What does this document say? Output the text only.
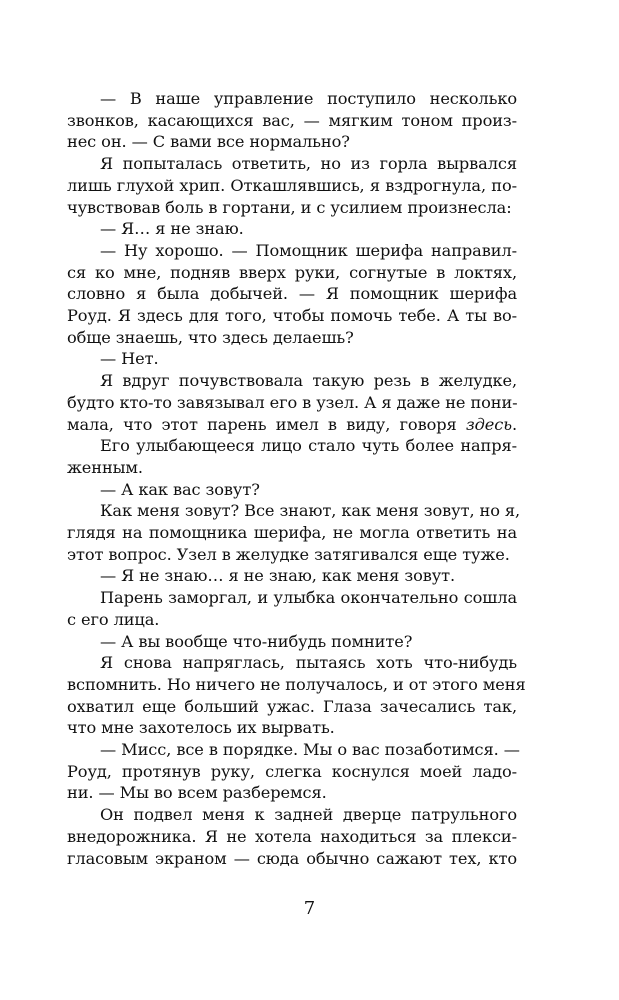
— В наше управление поступило несколько
звонков, касающихся вас, — мягким тоном произ-
нес он. — С вами все нормально?
Я попыталась ответить, но из горла вырвался
лишь глухой хрип. Откашлявшись, я вздрогнула, по-
чувствовав боль в гортани, и с усилием произнесла:
— Я… я не знаю.
— Ну хорошо. — Помощник шерифа направил-
ся ко мне, подняв вверх руки, согнутые в локтях,
словно я была добычей. — Я помощник шерифа
Роуд. Я здесь для того, чтобы помочь тебе. А ты во-
обще знаешь, что здесь делаешь?
— Нет.
Я вдруг почувствовала такую резь в желудке,
будто кто-то завязывал его в узел. А я даже не пони-
мала, что этот парень имел в виду, говоря здесь.
Его улыбающееся лицо стало чуть более напря-
женным.
— А как вас зовут?
Как меня зовут? Все знают, как меня зовут, но я,
глядя на помощника шерифа, не могла ответить на
этот вопрос. Узел в желудке затягивался еще туже.
— Я не знаю… я не знаю, как меня зовут.
Парень заморгал, и улыбка окончательно сошла
с его лица.
— А вы вообще что-нибудь помните?
Я снова напряглась, пытаясь хоть что-нибудь
вспомнить. Но ничего не получалось, и от этого меня
охватил еще больший ужас. Глаза зачесались так,
что мне захотелось их вырвать.
— Мисс, все в порядке. Мы о вас позаботимся. —
Роуд, протянув руку, слегка коснулся моей ладо-
ни. — Мы во всем разберемся.
Он подвел меня к задней дверце патрульного
внедорожника. Я не хотела находиться за плекси-
гласовым экраном — сюда обычно сажают тех, кто
7
